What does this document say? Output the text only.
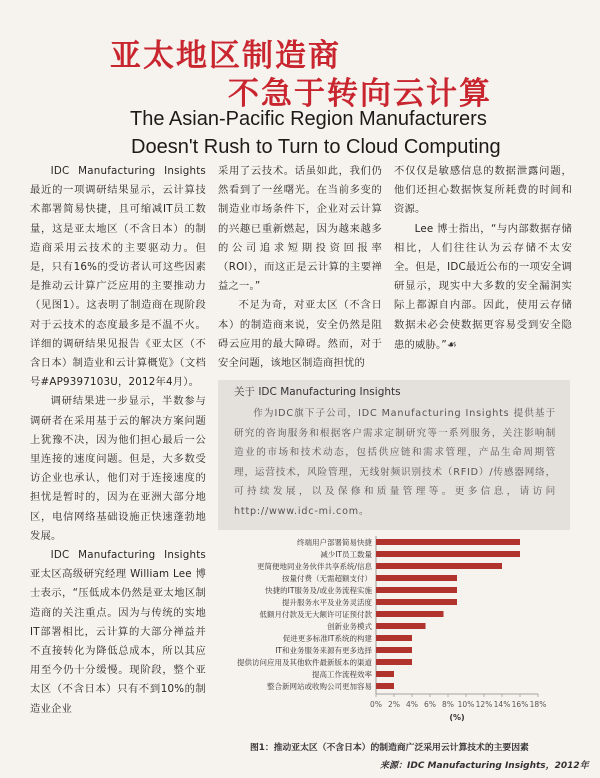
亚太地区制造商
不急于转向云计算
The Asian-Pacific Region Manufacturers
Doesn't Rush to Turn to Cloud Computing

IDC Manufacturing Insights 最近的一项调研结果显示，云计算技术都署简易快捷，且可缩减IT员工数量，这是亚太地区（不含日本）的制造商采用云技术的主要驱动力。但是，只有16%的受访者认可这些因素是推动云计算广泛应用的主要推动力（见图1）。这表明了制造商在现阶段对于云技术的态度最多是不温不火。详细的调研结果见报告《亚太区（不含日本）制造业和云计算概览》（文档号#AP9397103U，2012年4月）。

调研结果进一步显示，半数参与调研者在采用基于云的解决方案问题上犹豫不决，因为他们担心最后一公里连接的速度问题。但是，大多数受访企业也承认，他们对于连接速度的担忧是暂时的，因为在亚洲大部分地区，电信网络基础设施正快速蓬勃地发展。

IDC Manufacturing Insights 亚太区高级研究经理 William Lee 博士表示，“压低成本仍然是亚太地区制造商的关注重点。因为与传统的实地IT部署相比，云计算的大部分禅益并不直接转化为降低总成本，所以其应用至今仍十分缓慢。现阶段，整个亚太区（不含日本）只有不到10%的制造业企业

采用了云技术。话虽如此，我们仍然看到了一丝曙光。在当前多变的制造业市场条件下，企业对云计算的兴趣已重新燃起，因为越来越多的公司追求短期投资回报率（ROI），而这正是云计算的主要禅益之一。”

不足为奇，对亚太区（不含日本）的制造商来说，安全仍然是阻碍云应用的最大障碍。然而，对于安全问题，该地区制造商担忧的

不仅仅是敏感信息的数据泄露问题，他们还担心数据恢复所耗费的时间和资源。

Lee 博士指出，“与内部数据存储相比，人们往往认为云存储不太安全。但是，IDC最近公布的一项安全调研显示，现实中大多数的安全漏洞实际上都源自内部。因此，使用云存储数据未必会使数据更容易受到安全隐患的威胁。”☙

关于 IDC Manufacturing Insights
作为IDC旗下子公司，IDC Manufacturing Insights 提供基于研究的咨询服务和根据客户需求定制研究等一系列服务，关注影响制造业的市场和技术动态，包括供应链和需求管理，产品生命周期管理，运营技术，风险管理，无线射频识别技术（RFID）/传感器网络，可持续发展，以及保修和质量管理等。更多信息，请访问 http://www.idc-mi.com。
终端用户部署简易快捷
减少IT员工数量
更简便地同业务伙伴共享系统/信息
按量付费（无需超额支付）
快捷的IT服务及/或业务流程实施
提升服务水平及业务灵活度
低额月付款及无大额许可证预付款
创新业务模式
促进更多标准IT系统的构建
IT和业务服务来源有更多选择
提供访问应用及其他软件最新版本的渠道
提高工作流程效率
整合新网站或收购公司更加容易
0% 2% 4% 6% 8% 10% 12% 14% 16% 18%
(%)
图1：推动亚太区（不含日本）的制造商广泛采用云计算技术的主要因素
来源：IDC Manufacturing Insights，2012年
